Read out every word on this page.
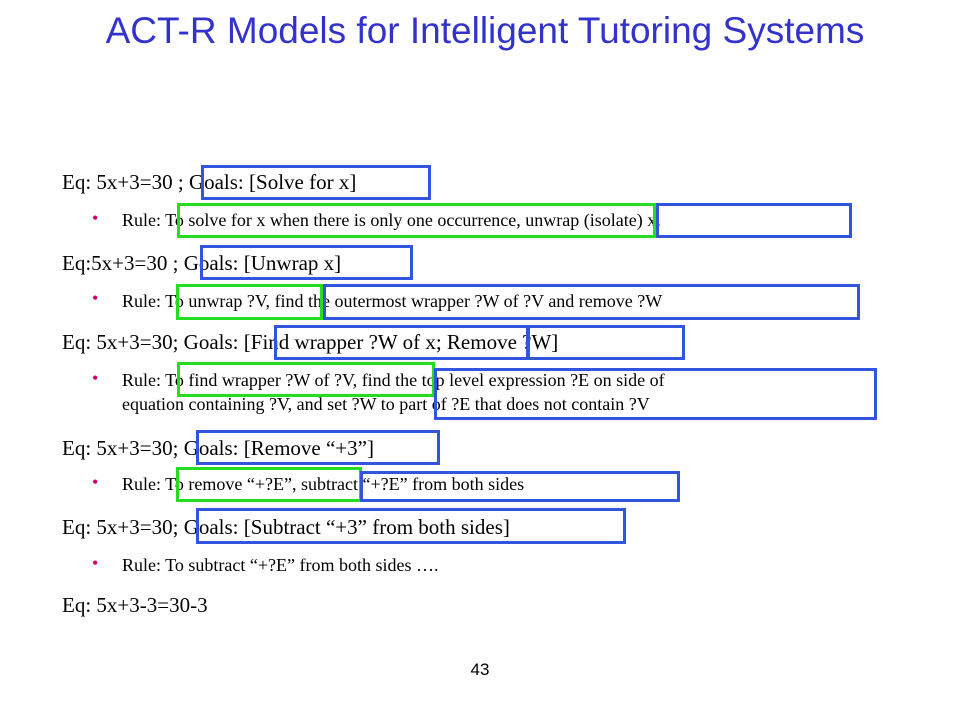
ACT-R Models for Intelligent Tutoring Systems
Eq: 5x+3=30 ; Goals: [Solve for x]
• Rule: To solve for x when there is only one occurrence, unwrap (isolate) x.
Eq:5x+3=30 ; Goals: [Unwrap x]
• Rule: To unwrap ?V, find the outermost wrapper ?W of ?V and remove ?W
Eq: 5x+3=30; Goals: [Find wrapper ?W of x; Remove ?W]
• Rule: To find wrapper ?W of ?V, find the top level expression ?E on side of
equation containing ?V, and set ?W to part of ?E that does not contain ?V
Eq: 5x+3=30; Goals: [Remove “+3”]
• Rule: To remove “+?E”, subtract “+?E” from both sides
Eq: 5x+3=30; Goals: [Subtract “+3” from both sides]
• Rule: To subtract “+?E” from both sides ….
Eq: 5x+3-3=30-3
43
